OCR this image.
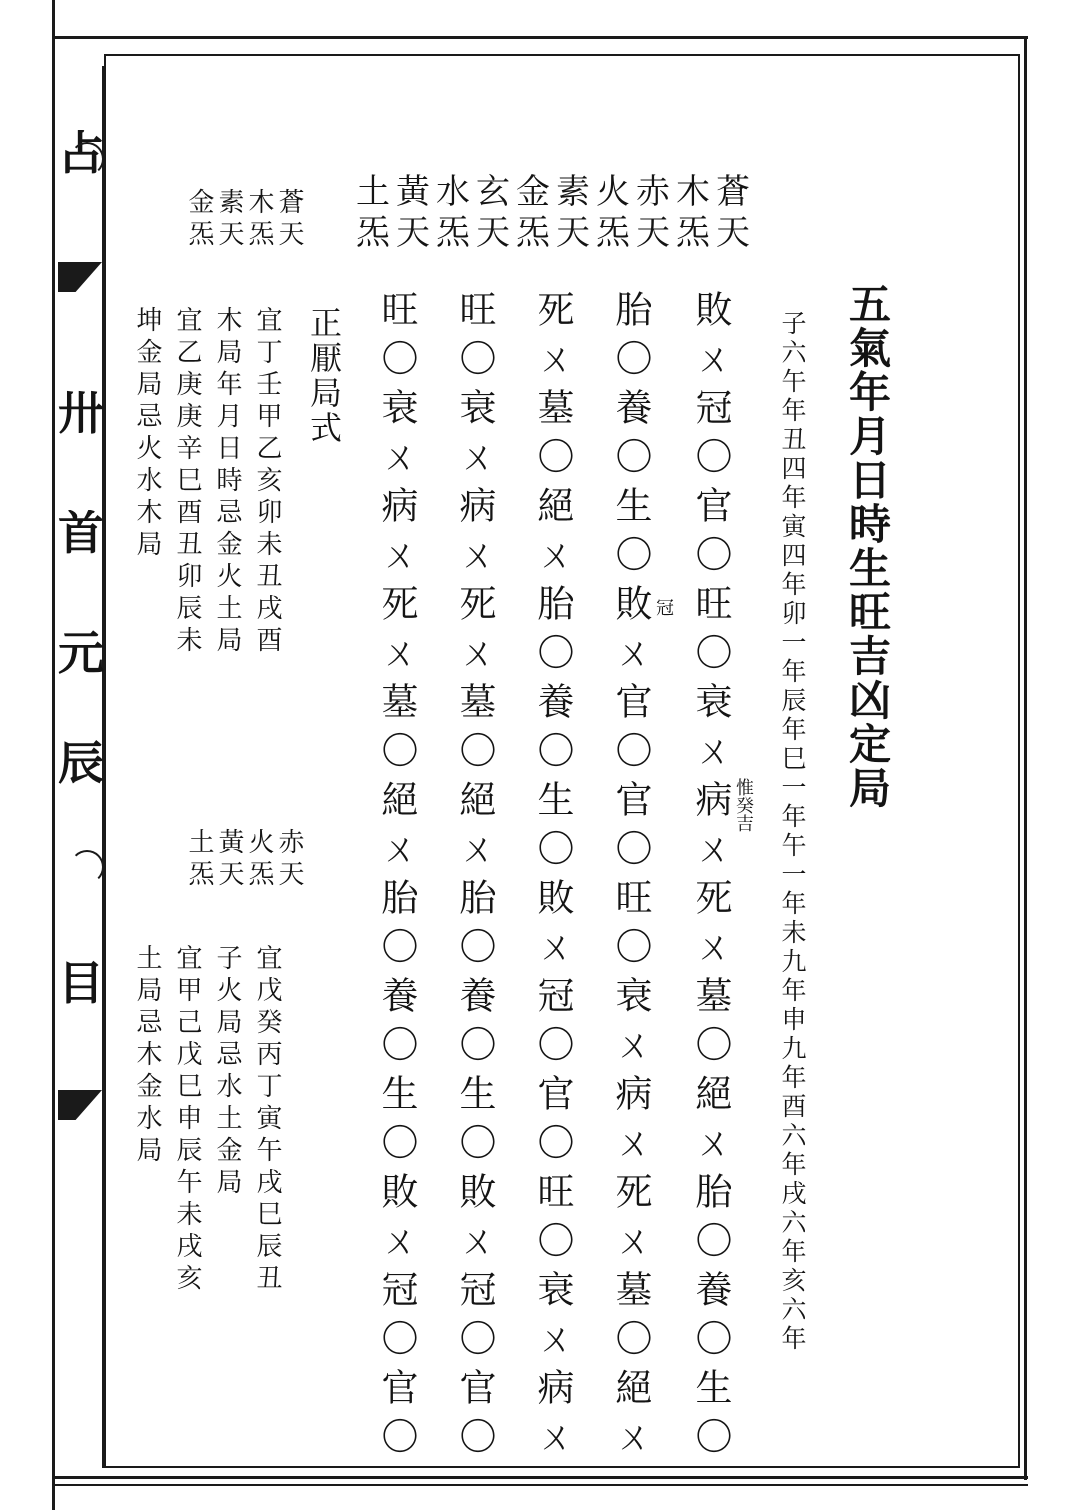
占
卅
首
元
辰
目
五氣年月日時生旺吉凶定局
子六午年丑四年寅四年卯一年辰年巳一年午一年未九年申九年酉六年戌六年亥六年
惟癸吉
敗ㄨ冠〇官〇旺〇衰ㄨ病ㄨ死ㄨ墓〇絕ㄨ胎〇養〇生〇
胎〇養〇生〇敗ㄨ官〇官〇旺〇衰ㄨ病ㄨ死ㄨ墓〇絕ㄨ 冠
死ㄨ墓〇絕ㄨ胎〇養〇生〇敗ㄨ冠〇官〇旺〇衰ㄨ病ㄨ
旺〇衰ㄨ病ㄨ死ㄨ墓〇絕ㄨ胎〇養〇生〇敗ㄨ冠〇官〇
旺〇衰ㄨ病ㄨ死ㄨ墓〇絕ㄨ胎〇養〇生〇敗ㄨ冠〇官〇
蒼
天
木
炁
赤
天
火
炁
素
天
金
炁
玄
天
水
炁
黃
天
土
炁
蒼天
木炁
素天
金炁
正厭局式
宜丁壬甲乙亥卯未丑戌酉
木局年月日時忌金火土局
宜乙庚庚辛巳酉丑卯辰未
坤金局忌火水木局
赤天
火炁
黃天
土炁
宜戊癸丙丁寅午戌巳辰丑
子火局忌水土金局
宜甲己戊巳申辰午未戌亥
土局忌木金水局
